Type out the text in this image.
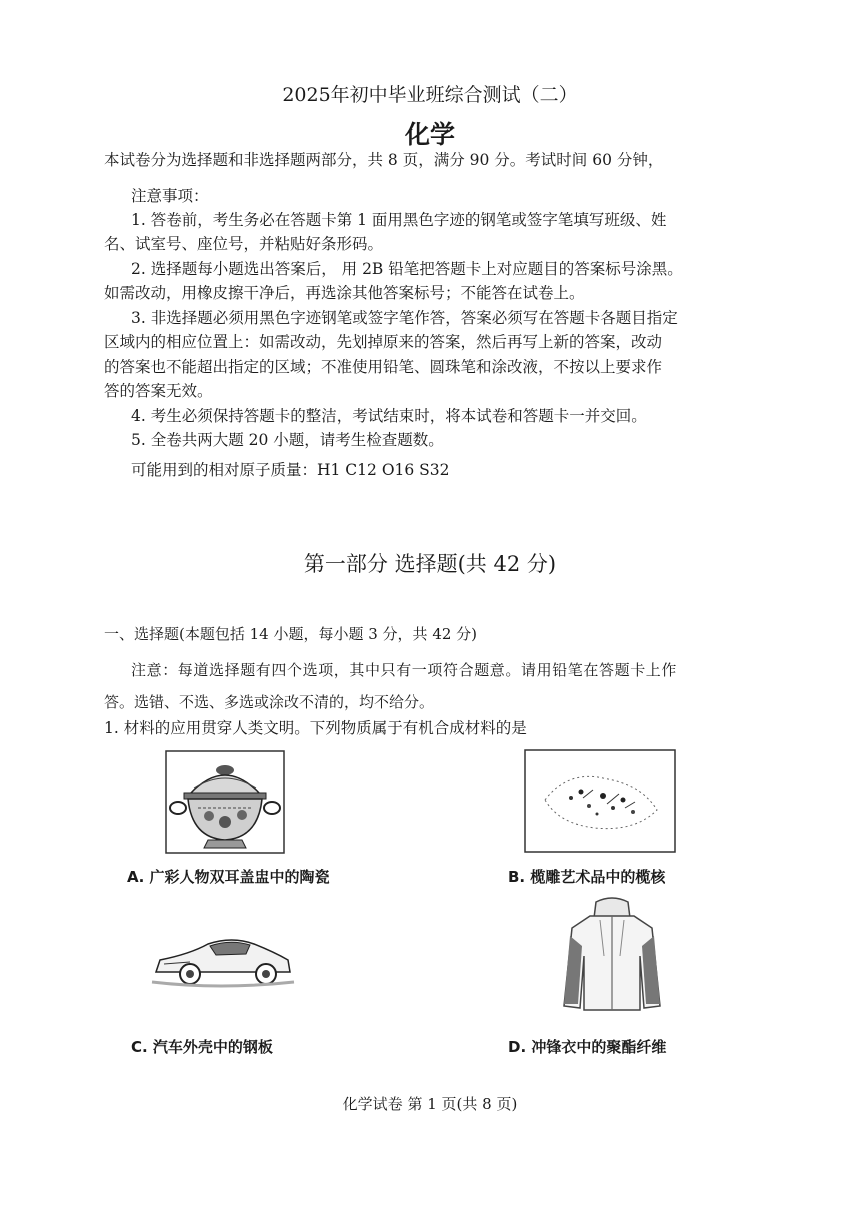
2025年初中毕业班综合测试（二）
化学
本试卷分为选择题和非选择题两部分，共 8 页，满分 90 分。考试时间 60 分钟，
注意事项：
1. 答卷前，考生务必在答题卡第 1 面用黑色字迹的钢笔或签字笔填写班级、姓
名、试室号、座位号，并粘贴好条形码。
2. 选择题每小题选出答案后， 用 2B 铅笔把答题卡上对应题目的答案标号涂黑。
如需改动，用橡皮擦干净后，再选涂其他答案标号；不能答在试卷上。
3. 非选择题必须用黑色字迹钢笔或签字笔作答，答案必须写在答题卡各题目指定
区域内的相应位置上：如需改动，先划掉原来的答案，然后再写上新的答案，改动
的答案也不能超出指定的区域；不准使用铅笔、圆珠笔和涂改液，不按以上要求作
答的答案无效。
4. 考生必须保持答题卡的整洁，考试结束时，将本试卷和答题卡一并交回。
5. 全卷共两大题 20 小题，请考生检查题数。
可能用到的相对原子质量：H1 C12 O16 S32
第一部分 选择题(共 42 分)
一、选择题(本题包括 14 小题，每小题 3 分，共 42 分)
注意：每道选择题有四个选项，其中只有一项符合题意。请用铅笔在答题卡上作
答。选错、不选、多选或涂改不清的，均不给分。
1. 材料的应用贯穿人类文明。下列物质属于有机合成材料的是
Α. 广彩人物双耳盖盅中的陶瓷	B. 榄雕艺术品中的榄核
C. 汽车外壳中的钢板	D. 冲锋衣中的聚酯纤维
化学试卷 第 1 页(共 8 页)
